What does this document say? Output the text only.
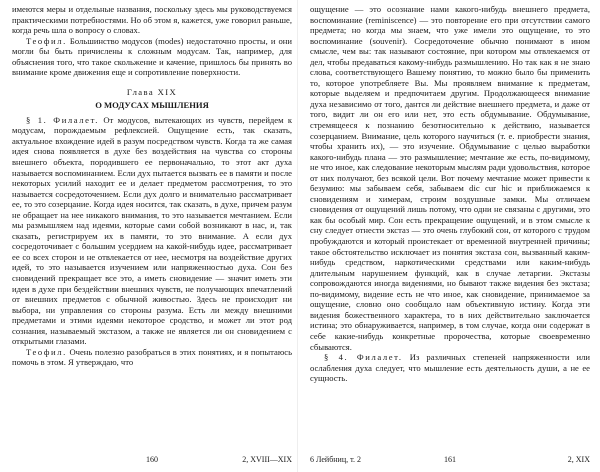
имеются меры и отдельные названия, поскольку здесь мы руководствуемся практическими потребностями. Но об этом я, кажется, уже говорил раньше, когда речь шла о вопросу о словах.

Теофил. Большинство модусов (modes) недостаточно просты, и они могли бы быть причислены к сложным модусам. Так, например, для объяснения того, что такое скольжение и качение, пришлось бы принять во внимание кроме движения еще и сопротивление поверхности.

Глава XIX
О МОДУСАХ МЫШЛЕНИЯ

§ 1. Филалет. От модусов, вытекающих из чувств, перейдем к модусам, порождаемым рефлексией. Ощущение есть, так сказать, актуальное вхождение идей в разум посредством чувств. Когда та же самая идея снова появляется в духе без воздействия на чувства со стороны внешнего объекта, породившего ее первоначально, то этот акт духа называется воспоминанием. Если дух пытается вызвать ее в памяти и после некоторых усилий находит ее и делает предметом рассмотрения, то это называется сосредоточением. Если дух долго и внимательно рассматривает ее, то это созерцание. Когда идея носится, так сказать, в духе, причем разум не обращает на нее никакого внимания, то это называется мечтанием. Если мы размышляем над идеями, которые сами собой возникают в нас, и, так сказать, регистрируем их в памяти, то это внимание. А если дух сосредоточивает с большим усердием на какой-нибудь идее, рассматривает ее со всех сторон и не отвлекается от нее, несмотря на воздействие других идей, то это называется изучением или напряженностью духа. Сон без сновидений прекращает все это, а иметь сновидение — значит иметь эти идеи в духе при бездействии внешних чувств, не получающих впечатлений от внешних предметов с обычной живостью. Здесь не происходит ни выбора, ни управления со стороны разума. Есть ли между внешними предметами и этими идеями некоторое сродство, и может ли этот род сознания, называемый экстазом, а также не является ли он сновидением с открытыми глазами.

Теофил. Очень полезно разобраться в этих понятиях, и я попытаюсь помочь в этом. Я утверждаю, что

160	2, XVIII—XIX

ощущение — это осознание нами какого-нибудь внешнего предмета, воспоминание (reminiscence) — это повторение его при отсутствии самого предмета; но когда мы знаем, что уже имели это ощущение, то это воспоминание (souvenir). Сосредоточение обычно понимают в ином смысле, чем вы: так называют состояние, при котором мы отвлекаемся от дел, чтобы предаваться какому-нибудь размышлению. Но так как я не знаю слова, соответствующего Вашему понятию, то можно было бы применить то, которое употребляете Вы. Мы проявляем внимание к предметам, которые выделяем и предпочитаем другим. Продолжающееся внимание духа независимо от того, дантся ли действие внешнего предмета, и даже от того, видит ли он его или нет, это есть обдумывание. Обдумывание, стремящееся к познанию безотносительно к действию, называется созерцанием. Внимание, цель которого научиться (т. е. приобрести знания, чтобы хранить их), — это изучение. Обдумывание с целью выработки какого-нибудь плана — это размышление; мечтание же есть, по-видимому, не что иное, как следование некоторым мыслям ради удовольствия, которое от них получают, без всякой цели. Вот почему мечтание может привести к безумию: мы забываем себя, забываем dic cur hic и приближаемся к сновидениям и химерам, строим воздушные замки. Мы отличаем сновидения от ощущений лишь потому, что одни не связаны с другими, это как бы особый мир. Сон есть прекращение ощущений, и в этом смысле к сну следует отнести экстаз — это очень глубокий сон, от которого с трудом пробуждаются и который проистекает от временной внутренней причины; такое обстоятельство исключает из понятия экстаза сон, вызванный каким-нибудь средством, наркотическими средствами или каким-нибудь длительным нарушением функций, как в случае летаргии. Экстазы сопровождаются иногда видениями, но бывают также видения без экстаза; по-видимому, видение есть не что иное, как сновидение, принимаемое за ощущение, словно оно сообщало нам объективную истину. Когда эти видения божественного характера, то в них действительно заключается истина; это обнаруживается, например, в том случае, когда они содержат в себе какие-нибудь конкретные пророчества, которые своевременно сбываются.

§ 4. Филалет. Из различных степеней напряженности или ослабления духа следует, что мышление есть деятельность души, а не ее сущность.

6 Лейбниц, т. 2	161	2, XIX
